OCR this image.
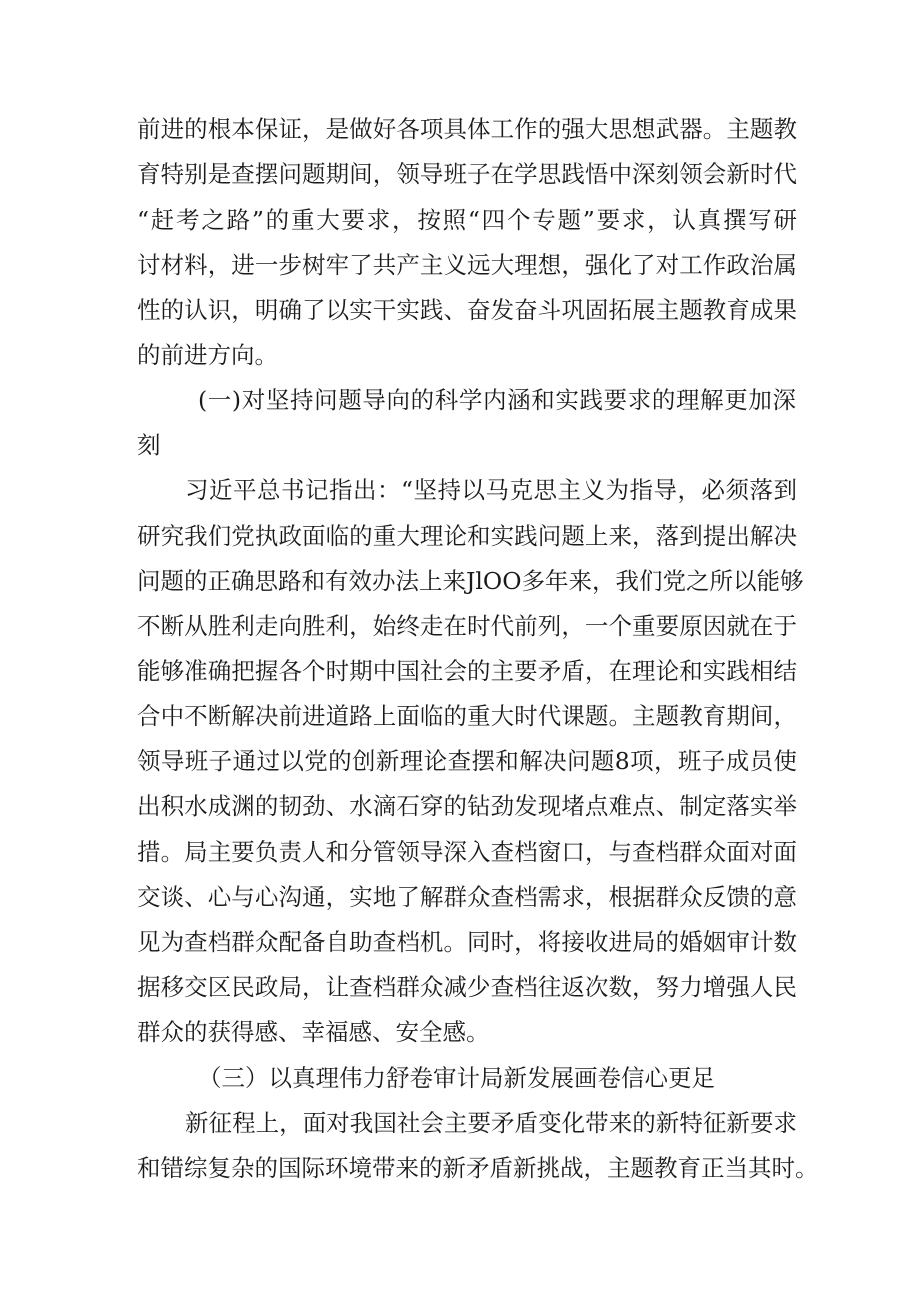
前进的根本保证，是做好各项具体工作的强大思想武器。主题教
育特别是查摆问题期间，领导班子在学思践悟中深刻领会新时代
“赶考之路”的重大要求，按照“四个专题”要求，认真撰写研
讨材料，进一步树牢了共产主义远大理想，强化了对工作政治属
性的认识，明确了以实干实践、奋发奋斗巩固拓展主题教育成果
的前进方向。
(一)对坚持问题导向的科学内涵和实践要求的理解更加深
刻
习近平总书记指出：“坚持以马克思主义为指导，必须落到
研究我们党执政面临的重大理论和实践问题上来，落到提出解决
问题的正确思路和有效办法上来JlOO多年来，我们党之所以能够
不断从胜利走向胜利，始终走在时代前列，一个重要原因就在于
能够准确把握各个时期中国社会的主要矛盾，在理论和实践相结
合中不断解决前进道路上面临的重大时代课题。主题教育期间，
领导班子通过以党的创新理论查摆和解决问题8项，班子成员使
出积水成渊的韧劲、水滴石穿的钻劲发现堵点难点、制定落实举
措。局主要负责人和分管领导深入查档窗口，与查档群众面对面
交谈、心与心沟通，实地了解群众查档需求，根据群众反馈的意
见为查档群众配备自助查档机。同时，将接收进局的婚姻审计数
据移交区民政局，让查档群众减少查档往返次数，努力增强人民
群众的获得感、幸福感、安全感。
（三）以真理伟力舒卷审计局新发展画卷信心更足
新征程上，面对我国社会主要矛盾变化带来的新特征新要求
和错综复杂的国际环境带来的新矛盾新挑战，主题教育正当其时。
